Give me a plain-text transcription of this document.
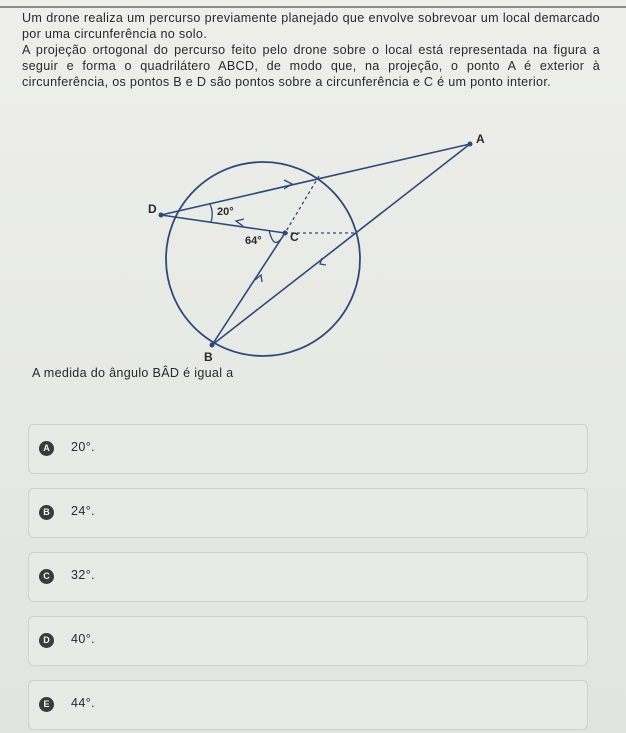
Um drone realiza um percurso previamente planejado que envolve sobrevoar um local demarcado por uma circunferência no solo.

A projeção ortogonal do percurso feito pelo drone sobre o local está representada na figura a seguir e forma o quadrilátero ABCD, de modo que, na projeção, o ponto A é exterior à circunferência, os pontos B e D são pontos sobre a circunferência e C é um ponto interior.

A
D
B
C
20°
64°
A medida do ângulo BÂD é igual a
A	20°.
B	24°.
C	32°.
D	40°.
E	44°.
